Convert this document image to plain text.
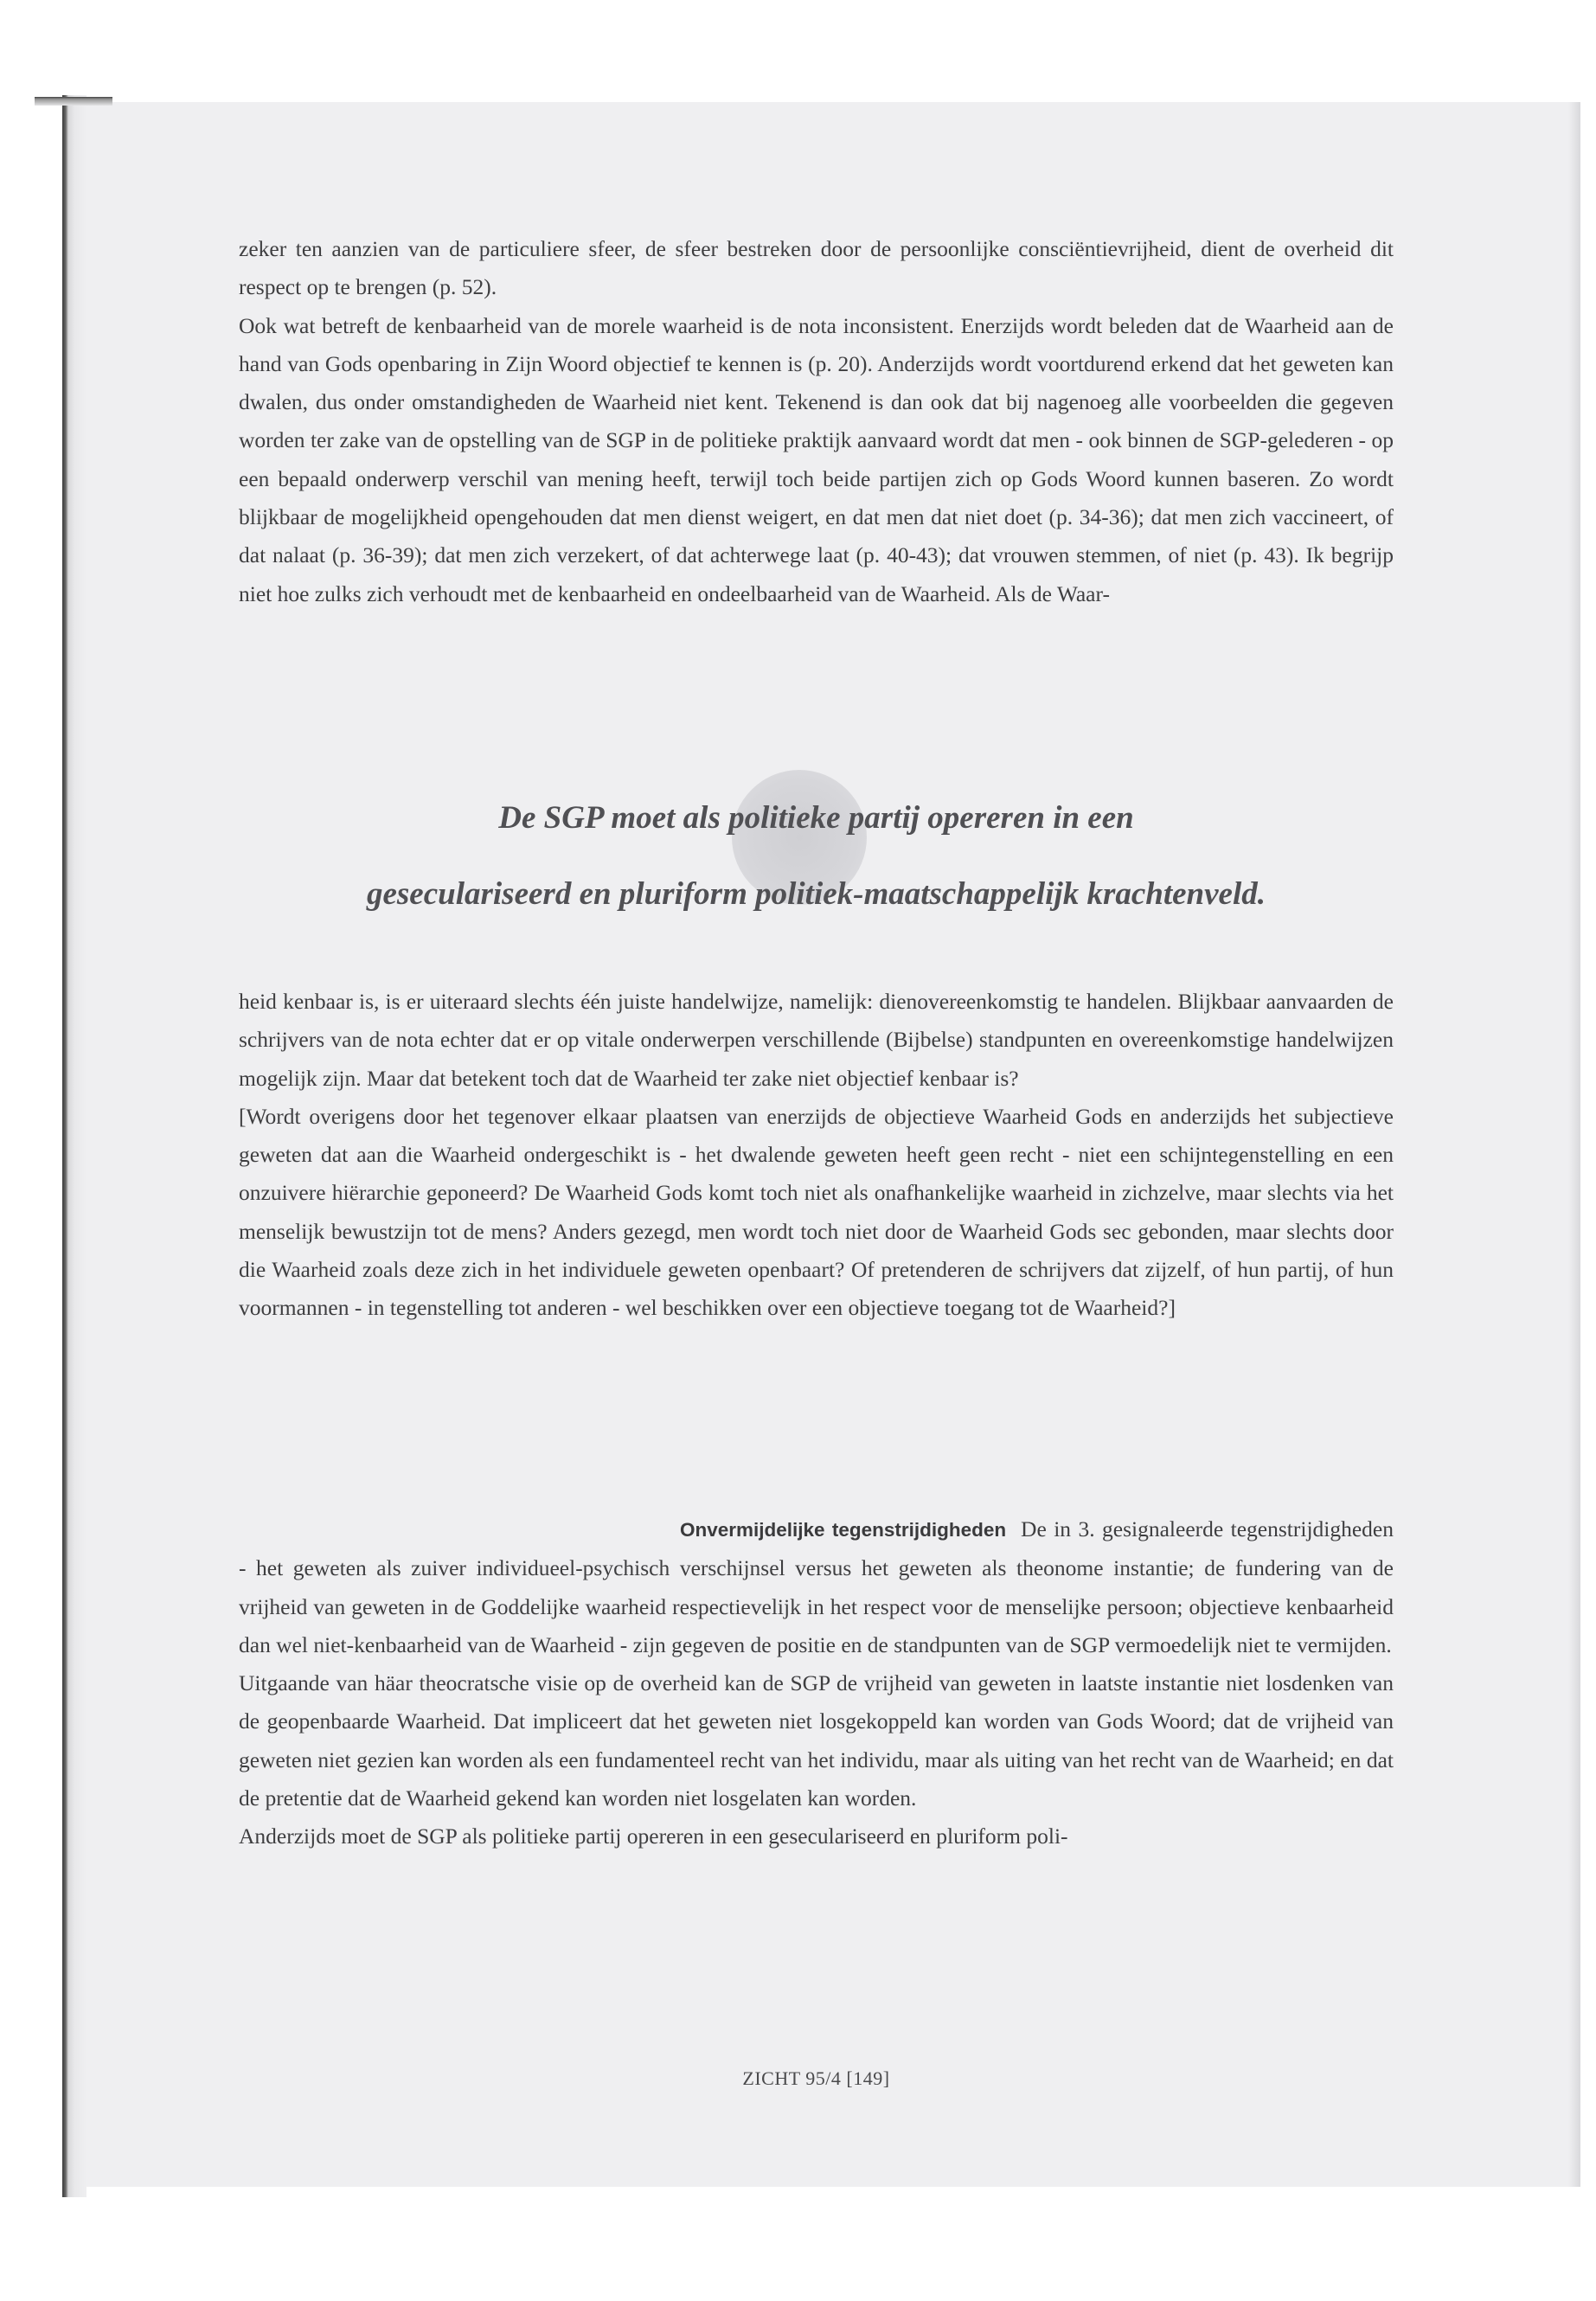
zeker ten aanzien van de particuliere sfeer, de sfeer bestreken door de persoonlijke consciëntievrijheid, dient de overheid dit respect op te brengen (p. 52).

Ook wat betreft de kenbaarheid van de morele waarheid is de nota inconsistent. Enerzijds wordt beleden dat de Waarheid aan de hand van Gods openbaring in Zijn Woord objectief te kennen is (p. 20). Anderzijds wordt voortdurend erkend dat het geweten kan dwalen, dus onder omstandigheden de Waarheid niet kent. Tekenend is dan ook dat bij nagenoeg alle voorbeelden die gegeven worden ter zake van de opstelling van de SGP in de politieke praktijk aanvaard wordt dat men - ook binnen de SGP-gelederen - op een bepaald onderwerp verschil van mening heeft, terwijl toch beide partijen zich op Gods Woord kunnen baseren. Zo wordt blijkbaar de mogelijkheid opengehouden dat men dienst weigert, en dat men dat niet doet (p. 34-36); dat men zich vaccineert, of dat nalaat (p. 36-39); dat men zich verzekert, of dat achterwege laat (p. 40-43); dat vrouwen stemmen, of niet (p. 43). Ik begrijp niet hoe zulks zich verhoudt met de kenbaarheid en ondeelbaarheid van de Waarheid. Als de Waar-

De SGP moet als politieke partij opereren in een
geseculariseerd en pluriform politiek-maatschappelijk krachtenveld.

heid kenbaar is, is er uiteraard slechts één juiste handelwijze, namelijk: dienovereenkomstig te handelen. Blijkbaar aanvaarden de schrijvers van de nota echter dat er op vitale onderwerpen verschillende (Bijbelse) standpunten en overeenkomstige handelwijzen mogelijk zijn. Maar dat betekent toch dat de Waarheid ter zake niet objectief kenbaar is?

[Wordt overigens door het tegenover elkaar plaatsen van enerzijds de objectieve Waarheid Gods en anderzijds het subjectieve geweten dat aan die Waarheid ondergeschikt is - het dwalende geweten heeft geen recht - niet een schijntegenstelling en een onzuivere hiërarchie geponeerd? De Waarheid Gods komt toch niet als onafhankelijke waarheid in zichzelve, maar slechts via het menselijk bewustzijn tot de mens? Anders gezegd, men wordt toch niet door de Waarheid Gods sec gebonden, maar slechts door die Waarheid zoals deze zich in het individuele geweten openbaart? Of pretenderen de schrijvers dat zijzelf, of hun partij, of hun voormannen - in tegenstelling tot anderen - wel beschikken over een objectieve toegang tot de Waarheid?]

Onvermijdelijke tegenstrijdigheden De in 3. gesignaleerde tegenstrijdigheden - het geweten als zuiver individueel-psychisch verschijnsel versus het geweten als theonome instantie; de fundering van de vrijheid van geweten in de Goddelijke waarheid respectievelijk in het respect voor de menselijke persoon; objectieve kenbaarheid dan wel niet-kenbaarheid van de Waarheid - zijn gegeven de positie en de standpunten van de SGP vermoedelijk niet te vermijden.

Uitgaande van häar theocratsche visie op de overheid kan de SGP de vrijheid van geweten in laatste instantie niet losdenken van de geopenbaarde Waarheid. Dat impliceert dat het geweten niet losgekoppeld kan worden van Gods Woord; dat de vrijheid van geweten niet gezien kan worden als een fundamenteel recht van het individu, maar als uiting van het recht van de Waarheid; en dat de pretentie dat de Waarheid gekend kan worden niet losgelaten kan worden.

Anderzijds moet de SGP als politieke partij opereren in een geseculariseerd en pluriform poli-

ZICHT 95/4 [149]
